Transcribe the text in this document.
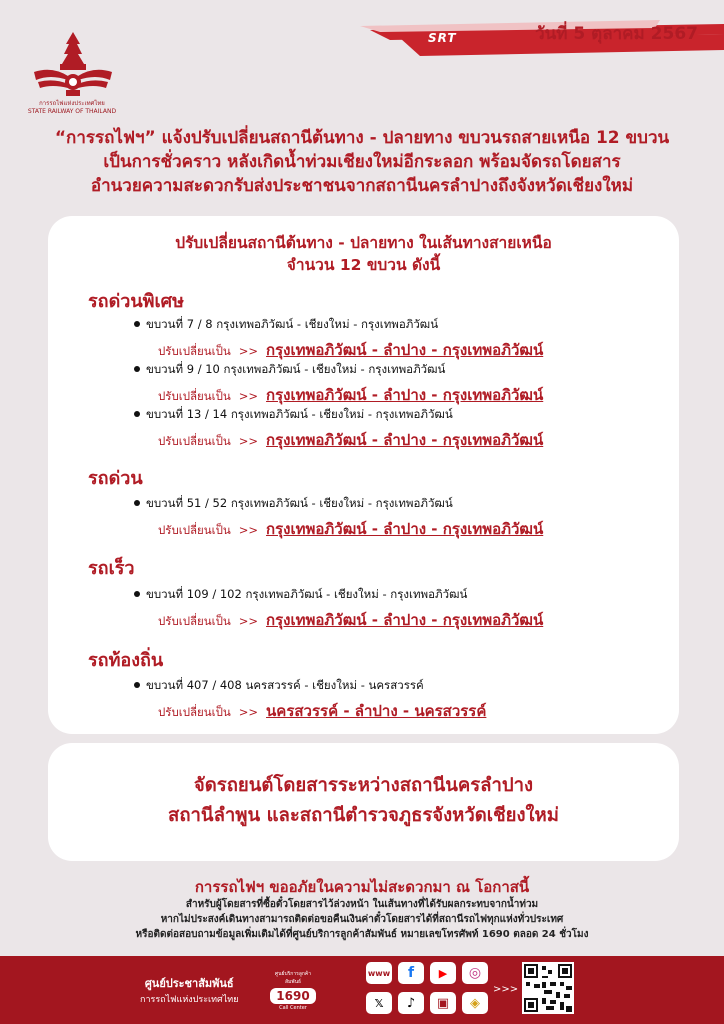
การรถไฟแห่งประเทศไทย
STATE RAILWAY OF THAILAND
SRT	วันที่ 5 ตุลาคม 2567
“การรถไฟฯ” แจ้งปรับเปลี่ยนสถานีต้นทาง - ปลายทาง ขบวนรถสายเหนือ 12 ขบวน
เป็นการชั่วคราว หลังเกิดน้ำท่วมเชียงใหม่อีกระลอก พร้อมจัดรถโดยสาร
อำนวยความสะดวกรับส่งประชาชนจากสถานีนครลำปางถึงจังหวัดเชียงใหม่
ปรับเปลี่ยนสถานีต้นทาง - ปลายทาง ในเส้นทางสายเหนือ
จำนวน 12 ขบวน ดังนี้
รถด่วนพิเศษ
ขบวนที่ 7 / 8 กรุงเทพอภิวัฒน์ - เชียงใหม่ - กรุงเทพอภิวัฒน์
ปรับเปลี่ยนเป็น >> กรุงเทพอภิวัฒน์ - ลำปาง - กรุงเทพอภิวัฒน์
ขบวนที่ 9 / 10 กรุงเทพอภิวัฒน์ - เชียงใหม่ - กรุงเทพอภิวัฒน์
ปรับเปลี่ยนเป็น >> กรุงเทพอภิวัฒน์ - ลำปาง - กรุงเทพอภิวัฒน์
ขบวนที่ 13 / 14 กรุงเทพอภิวัฒน์ - เชียงใหม่ - กรุงเทพอภิวัฒน์
ปรับเปลี่ยนเป็น >> กรุงเทพอภิวัฒน์ - ลำปาง - กรุงเทพอภิวัฒน์
รถด่วน
ขบวนที่ 51 / 52 กรุงเทพอภิวัฒน์ - เชียงใหม่ - กรุงเทพอภิวัฒน์
ปรับเปลี่ยนเป็น >> กรุงเทพอภิวัฒน์ - ลำปาง - กรุงเทพอภิวัฒน์
รถเร็ว
ขบวนที่ 109 / 102 กรุงเทพอภิวัฒน์ - เชียงใหม่ - กรุงเทพอภิวัฒน์
ปรับเปลี่ยนเป็น >> กรุงเทพอภิวัฒน์ - ลำปาง - กรุงเทพอภิวัฒน์
รถท้องถิ่น
ขบวนที่ 407 / 408 นครสวรรค์ - เชียงใหม่ - นครสวรรค์
ปรับเปลี่ยนเป็น >> นครสวรรค์ - ลำปาง - นครสวรรค์
จัดรถยนต์โดยสารระหว่างสถานีนครลำปาง
สถานีลำพูน และสถานีตำรวจภูธรจังหวัดเชียงใหม่
การรถไฟฯ ขออภัยในความไม่สะดวกมา ณ โอกาสนี้
สำหรับผู้โดยสารที่ซื้อตั๋วโดยสารไว้ล่วงหน้า ในเส้นทางที่ได้รับผลกระทบจากน้ำท่วม
หากไม่ประสงค์เดินทางสามารถติดต่อขอคืนเงินค่าตั๋วโดยสารได้ที่สถานีรถไฟทุกแห่งทั่วประเทศ
หรือติดต่อสอบถามข้อมูลเพิ่มเติมได้ที่ศูนย์บริการลูกค้าสัมพันธ์ หมายเลขโทรศัพท์ 1690 ตลอด 24 ชั่วโมง
ศูนย์ประชาสัมพันธ์
การรถไฟแห่งประเทศไทย
ศูนย์บริการลูกค้าสัมพันธ์
1690
Call Center
www	f	▶	◎
𝕏	♪	▣	◈
>>>
